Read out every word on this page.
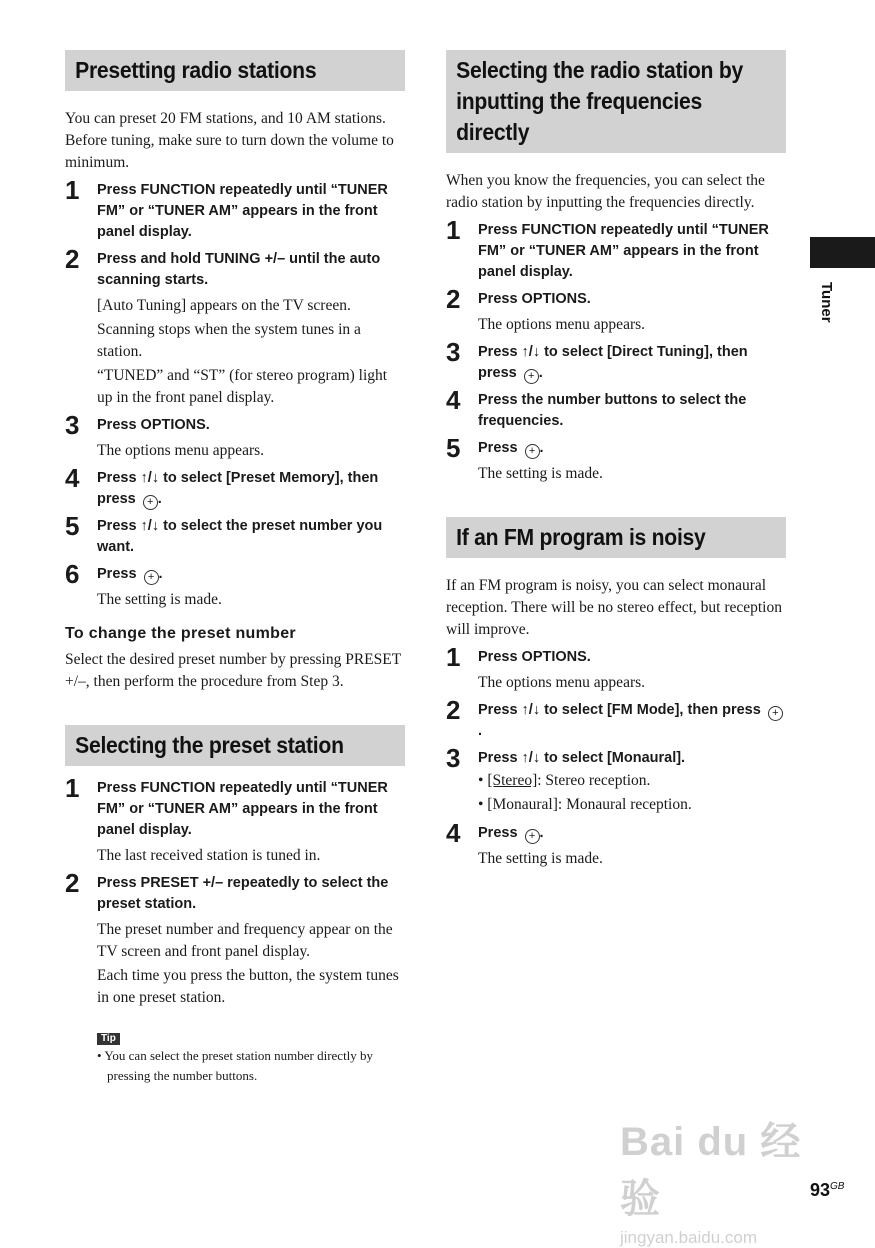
Presetting radio stations

You can preset 20 FM stations, and 10 AM stations. Before tuning, make sure to turn down the volume to minimum.

1 Press FUNCTION repeatedly until “TUNER FM” or “TUNER AM” appears in the front panel display.
2 Press and hold TUNING +/– until the auto scanning starts.
[Auto Tuning] appears on the TV screen.
Scanning stops when the system tunes in a station.
“TUNED” and “ST” (for stereo program) light up in the front panel display.
3 Press OPTIONS.
The options menu appears.
4 Press ↑/↓ to select [Preset Memory], then press + .
5 Press ↑/↓ to select the preset number you want.
6 Press + .
The setting is made.
To change the preset number

Select the desired preset number by pressing PRESET +/–, then perform the procedure from Step 3.

Selecting the preset station
1 Press FUNCTION repeatedly until “TUNER FM” or “TUNER AM” appears in the front panel display.
The last received station is tuned in.
2 Press PRESET +/– repeatedly to select the preset station.
The preset number and frequency appear on the TV screen and front panel display.
Each time you press the button, the system tunes in one preset station.
Tip
• You can select the preset station number directly by pressing the number buttons.
Selecting the radio station by inputting the frequencies directly

When you know the frequencies, you can select the radio station by inputting the frequencies directly.

1 Press FUNCTION repeatedly until “TUNER FM” or “TUNER AM” appears in the front panel display.
2 Press OPTIONS.
The options menu appears.
3 Press ↑/↓ to select [Direct Tuning], then press + .
4 Press the number buttons to select the frequencies.
5 Press + .
The setting is made.
If an FM program is noisy

If an FM program is noisy, you can select monaural reception. There will be no stereo effect, but reception will improve.

1 Press OPTIONS.
The options menu appears.
2 Press ↑/↓ to select [FM Mode], then press +.
3 Press ↑/↓ to select [Monaural].
• [Stereo]: Stereo reception.
• [Monaural]: Monaural reception.
4 Press + .
The setting is made.
Tuner
Bai du 经验
jingyan.baidu.com
$93^{GB}$
